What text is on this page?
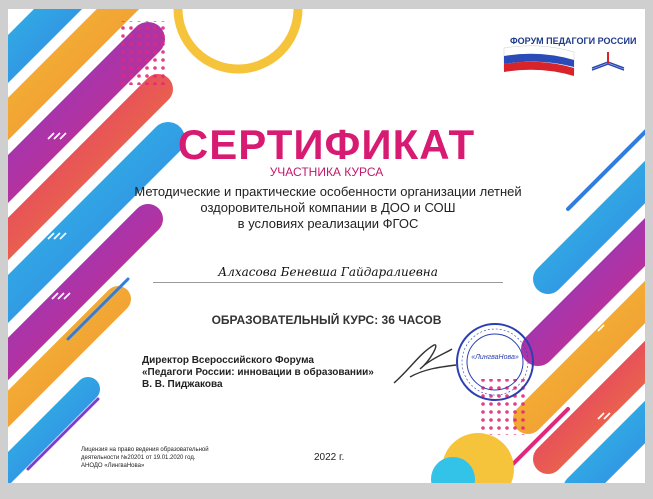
ФОРУМ ПЕДАГОГИ РОССИИ
СЕРТИФИКАТ
УЧАСТНИКА КУРСА
Методические и практические особенности организации летней
оздоровительной компании в ДОО и СОШ
в условиях реализации ФГОС
Алхасова Беневша Гайдаралиевна
ОБРАЗОВАТЕЛЬНЫЙ КУРС: 36 ЧАСОВ
Директор Всероссийского Форума
«Педагоги России: инновации в образовании»
В. В. Пиджакова
«ЛингваНова»
Лицензия на право ведения образовательной
деятельности №20201 от 19.01.2020 год.
АНОДО «ЛингваНова»
2022 г.
